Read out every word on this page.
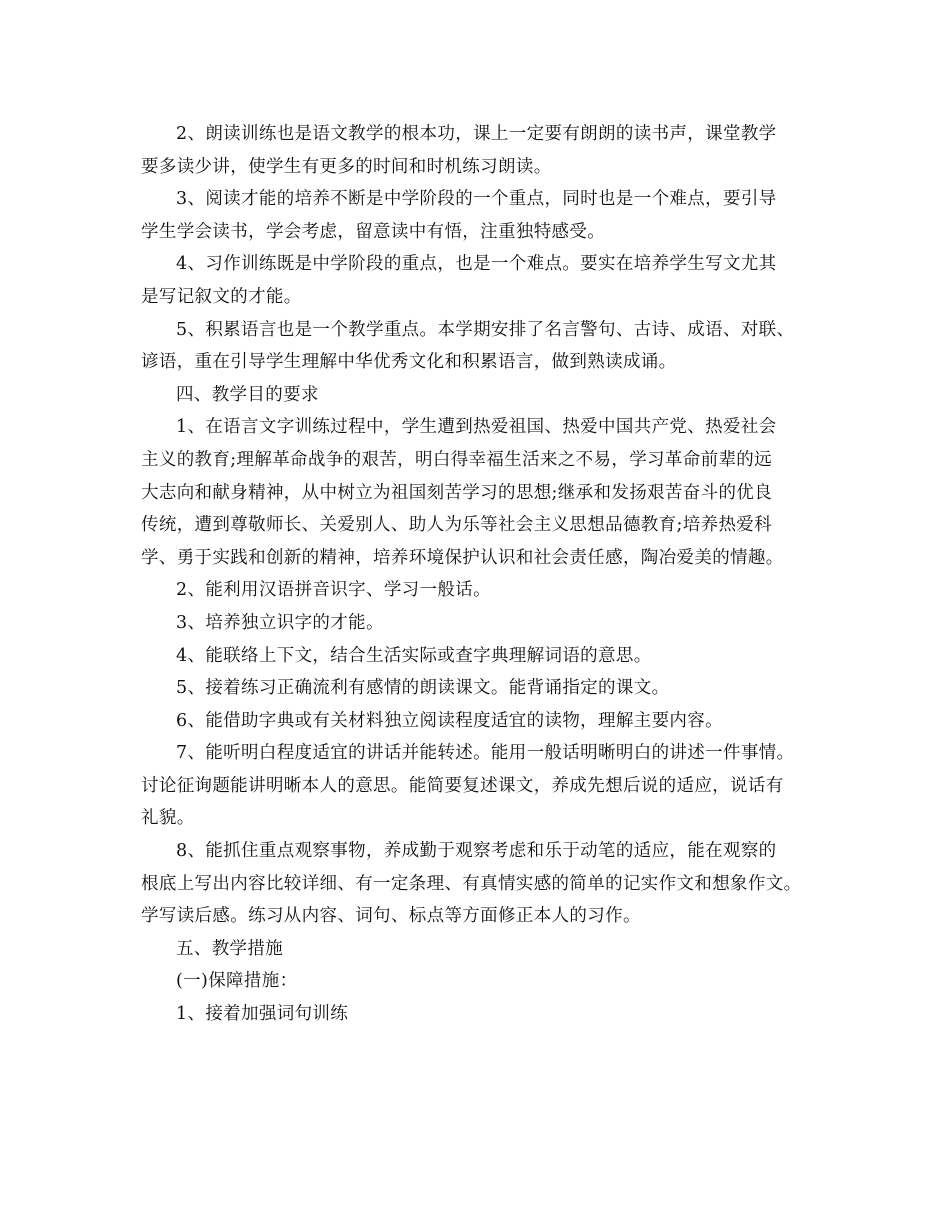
2、朗读训练也是语文教学的根本功，课上一定要有朗朗的读书声，课堂教学
要多读少讲，使学生有更多的时间和时机练习朗读。
3、阅读才能的培养不断是中学阶段的一个重点，同时也是一个难点，要引导
学生学会读书，学会考虑，留意读中有悟，注重独特感受。
4、习作训练既是中学阶段的重点，也是一个难点。要实在培养学生写文尤其
是写记叙文的才能。
5、积累语言也是一个教学重点。本学期安排了名言警句、古诗、成语、对联、
谚语，重在引导学生理解中华优秀文化和积累语言，做到熟读成诵。
四、教学目的要求
1、在语言文字训练过程中，学生遭到热爱祖国、热爱中国共产党、热爱社会
主义的教育;理解革命战争的艰苦，明白得幸福生活来之不易，学习革命前辈的远
大志向和献身精神，从中树立为祖国刻苦学习的思想;继承和发扬艰苦奋斗的优良
传统，遭到尊敬师长、关爱别人、助人为乐等社会主义思想品德教育;培养热爱科
学、勇于实践和创新的精神，培养环境保护认识和社会责任感，陶冶爱美的情趣。
2、能利用汉语拼音识字、学习一般话。
3、培养独立识字的才能。
4、能联络上下文，结合生活实际或查字典理解词语的意思。
5、接着练习正确流利有感情的朗读课文。能背诵指定的课文。
6、能借助字典或有关材料独立阅读程度适宜的读物，理解主要内容。
7、能听明白程度适宜的讲话并能转述。能用一般话明晰明白的讲述一件事情。
讨论征询题能讲明晰本人的意思。能简要复述课文，养成先想后说的适应，说话有
礼貌。
8、能抓住重点观察事物，养成勤于观察考虑和乐于动笔的适应，能在观察的
根底上写出内容比较详细、有一定条理、有真情实感的简单的记实作文和想象作文。
学写读后感。练习从内容、词句、标点等方面修正本人的习作。
五、教学措施
(一)保障措施：
1、接着加强词句训练
